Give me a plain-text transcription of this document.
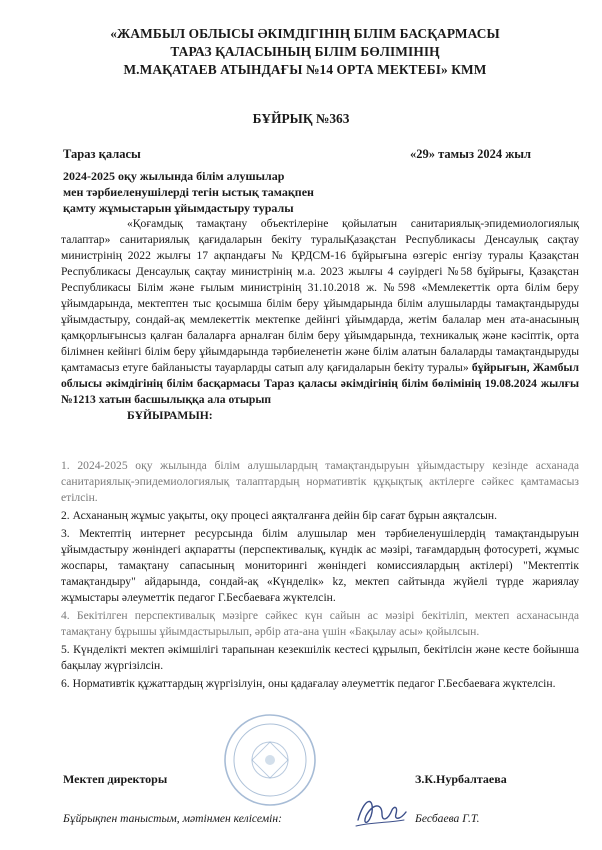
«ЖАМБЫЛ ОБЛЫСЫ ӘКІМДІГІНІҢ БІЛІМ БАСҚАРМАСЫ
ТАРАЗ ҚАЛАСЫНЫҢ БІЛІМ БӨЛІМІНІҢ
М.МАҚАТАЕВ АТЫНДАҒЫ №14 ОРТА МЕКТЕБІ» КММ
БҰЙРЫҚ №363
Тараз қаласы	«29» тамыз 2024 жыл
2024-2025 оқу жылында білім алушылар
мен тәрбиеленушілерді тегін ыстық тамақпен
қамту жұмыстарын ұйымдастыру туралы
«Қоғамдық тамақтану объектілеріне қойылатын санитариялық-эпидемиологиялық талаптар» санитариялық қағидаларын бекіту туралыҚазақстан Республикасы Денсаулық сақтау министрінің 2022 жылғы 17 ақпандағы № ҚРДСМ-16 бұйрығына өзгеріс енгізу туралы Қазақстан Республикасы Денсаулық сақтау министрінің м.а. 2023 жылғы 4 сәуірдегі №58 бұйрығы, Қазақстан Республикасы Білім және ғылым министрінің 31.10.2018 ж. №598 «Мемлекеттік орта білім беру ұйымдарында, мектептен тыс қосымша білім беру ұйымдарында білім алушыларды тамақтандыруды ұйымдастыру, сондай-ақ мемлекеттік мектепке дейінгі ұйымдарда, жетім балалар мен ата-анасының қамқорлығынсыз қалған балаларға арналған білім беру ұйымдарында, техникалық және кәсіптік, орта білімнен кейінгі білім беру ұйымдарында тәрбиеленетін және білім алатын балаларды тамақтандыруды қамтамасыз етуге байланысты тауарларды сатып алу қағидаларын бекіту туралы» бұйрығын, Жамбыл облысы әкімдігінің білім басқармасы Тараз қаласы әкімдігінің білім бөлімінің 19.08.2024 жылғы №1213 хатын басшылыққа ала отырып
БҰЙЫРАМЫН:

1. 2024-2025 оқу жылында білім алушылардың тамақтандыруын ұйымдастыру кезінде асханада санитариялық-эпидемиологиялық талаптардың нормативтік құқықтық актілерге сәйкес қамтамасыз етілсін.

2. Асхананың жұмыс уақыты, оқу процесі аяқталғанға дейін бір сағат бұрын аяқталсын.

3. Мектептің интернет ресурсында білім алушылар мен тәрбиеленушілердің тамақтандыруын ұйымдастыру жөніндегі ақпаратты (перспективалық, күндік ас мәзірі, тағамдардың фотосуреті, жұмыс жоспары, тамақтану сапасының мониторингі жөніндегі комиссиялардың актілері) "Мектептік тамақтандыру" айдарында, сондай-ақ «Күнделік» kz, мектеп сайтында жүйелі түрде жариялау жұмыстары әлеуметтік педагог Г.Бесбаеваға жүктелсін.

4. Бекітілген перспективалық мәзірге сәйкес күн сайын ас мәзірі бекітіліп, мектеп асханасында тамақтану бұрышы ұйымдастырылып, әрбір ата-ана үшін «Бақылау асы» қойылсын.

5. Күнделікті мектеп әкімшілігі тарапынан кезекшілік кестесі құрылып, бекітілсін және кесте бойынша бақылау жүргізілсін.

6. Нормативтік құжаттардың жүргізілуін, оны қадағалау әлеуметтік педагог Г.Бесбаеваға жүктелсін.

Мектеп директоры	З.К.Нурбалтаева
Бұйрықпен таныстым, мәтінмен келісемін:	Бесбаева Г.Т.
